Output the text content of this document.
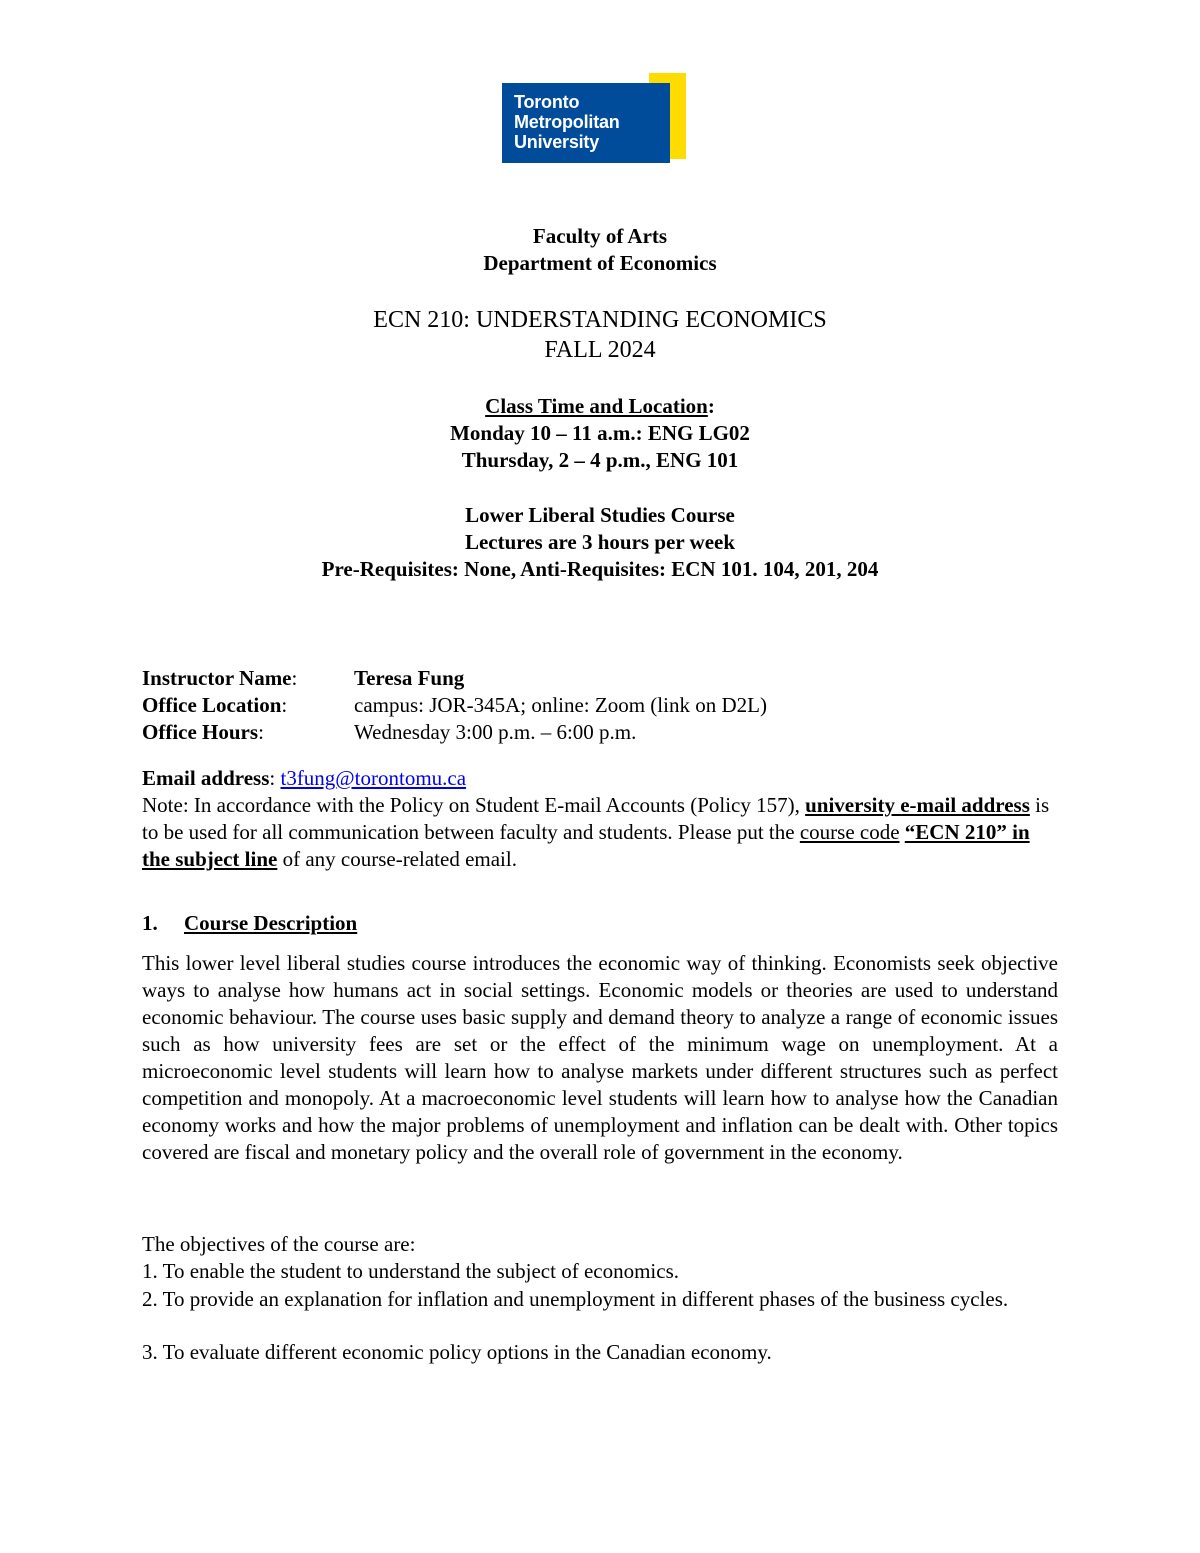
Toronto
Metropolitan
University
Faculty of Arts
Department of Economics
ECN 210: UNDERSTANDING ECONOMICS
FALL 2024
Class Time and Location:
Monday 10 – 11 a.m.: ENG LG02
Thursday, 2 – 4 p.m., ENG 101
Lower Liberal Studies Course
Lectures are 3 hours per week
Pre-Requisites: None, Anti-Requisites: ECN 101. 104, 201, 204
Instructor Name:	Teresa Fung
Office Location:	campus: JOR-345A; online: Zoom (link on D2L)
Office Hours:	Wednesday 3:00 p.m. – 6:00 p.m.
Email address: t3fung@torontomu.ca
Note: In accordance with the Policy on Student E-mail Accounts (Policy 157), university e-mail address is to be used for all communication between faculty and students. Please put the course code “ECN 210” in the subject line of any course-related email.
1. Course Description
This lower level liberal studies course introduces the economic way of thinking. Economists seek objective ways to analyse how humans act in social settings. Economic models or theories are used to understand economic behaviour. The course uses basic supply and demand theory to analyze a range of economic issues such as how university fees are set or the effect of the minimum wage on unemployment. At a microeconomic level students will learn how to analyse markets under different structures such as perfect competition and monopoly. At a macroeconomic level students will learn how to analyse how the Canadian economy works and how the major problems of unemployment and inflation can be dealt with. Other topics covered are fiscal and monetary policy and the overall role of government in the economy.
The objectives of the course are:
1. To enable the student to understand the subject of economics.
2. To provide an explanation for inflation and unemployment in different phases of the business cycles.
3. To evaluate different economic policy options in the Canadian economy.
